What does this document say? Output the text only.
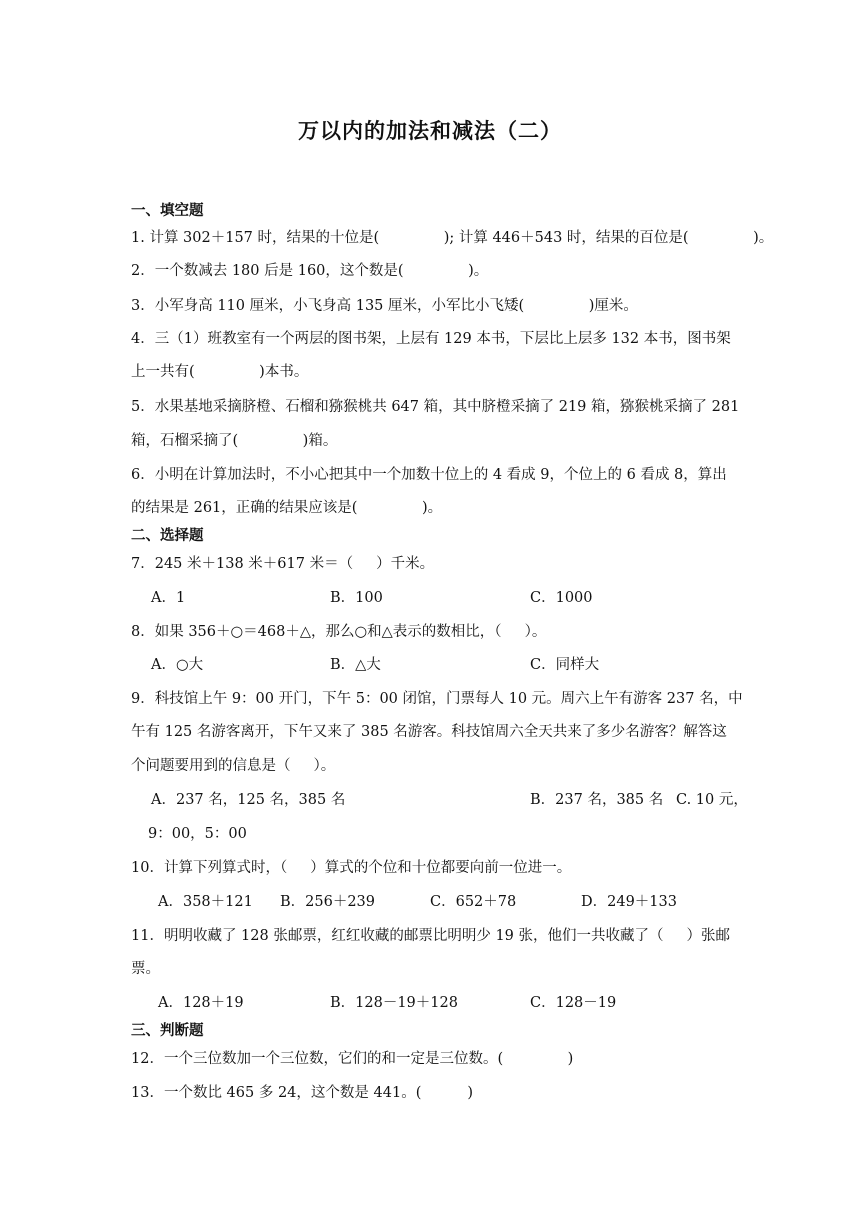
万以内的加法和减法（二）
一、填空题
1. 计算 302＋157 时，结果的十位是(              ); 计算 446＋543 时，结果的百位是(              )。
2．一个数减去 180 后是 160，这个数是(              )。
3．小军身高 110 厘米，小飞身高 135 厘米，小军比小飞矮(              )厘米。
4．三（1）班教室有一个两层的图书架，上层有 129 本书，下层比上层多 132 本书，图书架
上一共有(              )本书。
5．水果基地采摘脐橙、石榴和猕猴桃共 647 箱，其中脐橙采摘了 219 箱，猕猴桃采摘了 281
箱，石榴采摘了(              )箱。
6．小明在计算加法时，不小心把其中一个加数十位上的 4 看成 9，个位上的 6 看成 8，算出
的结果是 261，正确的结果应该是(              )。
二、选择题
7．245 米＋138 米＋617 米＝（     ）千米。
A．1	B．100	C．1000
8．如果 356＋○＝468＋△，那么○和△表示的数相比，（     ）。
A．○大	B．△大	C．同样大
9．科技馆上午 9：00 开门，下午 5：00 闭馆，门票每人 10 元。周六上午有游客 237 名，中
午有 125 名游客离开，下午又来了 385 名游客。科技馆周六全天共来了多少名游客？解答这
个问题要用到的信息是（     ）。
A．237 名，125 名，385 名	B．237 名，385 名 C. 10 元，
9：00，5：00
10．计算下列算式时，（     ）算式的个位和十位都要向前一位进一。
A．358＋121 B．256＋239	C．652＋78	D．249＋133
11．明明收藏了 128 张邮票，红红收藏的邮票比明明少 19 张，他们一共收藏了（     ）张邮
票。
A．128＋19	B．128－19＋128	C．128－19
三、判断题
12．一个三位数加一个三位数，它们的和一定是三位数。(              )
13．一个数比 465 多 24，这个数是 441。(          )
